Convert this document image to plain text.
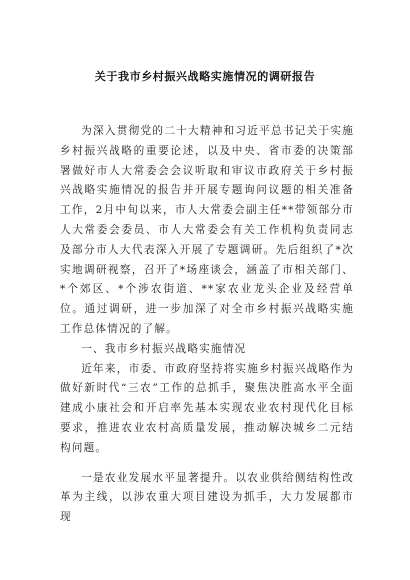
关于我市乡村振兴战略实施情况的调研报告

为深入贯彻党的二十大精神和习近平总书记关于实施乡村振兴战略的重要论述，以及中央、省市委的决策部署做好市人大常委会会议听取和审议市政府关于乡村振兴战略实施情况的报告并开展专题询问议题的相关准备工作，2月中旬以来，市人大常委会副主任**带领部分市人大常委会委员、市人大常委会有关工作机构负责同志及部分市人大代表深入开展了专题调研。先后组织了*次实地调研视察，召开了*场座谈会，涵盖了市相关部门、*个郊区、*个涉农街道、**家农业龙头企业及经营单位。通过调研，进一步加深了对全市乡村振兴战略实施工作总体情况的了解。

一、我市乡村振兴战略实施情况

近年来，市委、市政府坚持将实施乡村振兴战略作为做好新时代“三农”工作的总抓手，聚焦决胜高水平全面建成小康社会和开启率先基本实现农业农村现代化目标要求，推进农业农村高质量发展，推动解决城乡二元结构问题。

一是农业发展水平显著提升。以农业供给侧结构性改革为主线，以涉农重大项目建设为抓手，大力发展都市现
